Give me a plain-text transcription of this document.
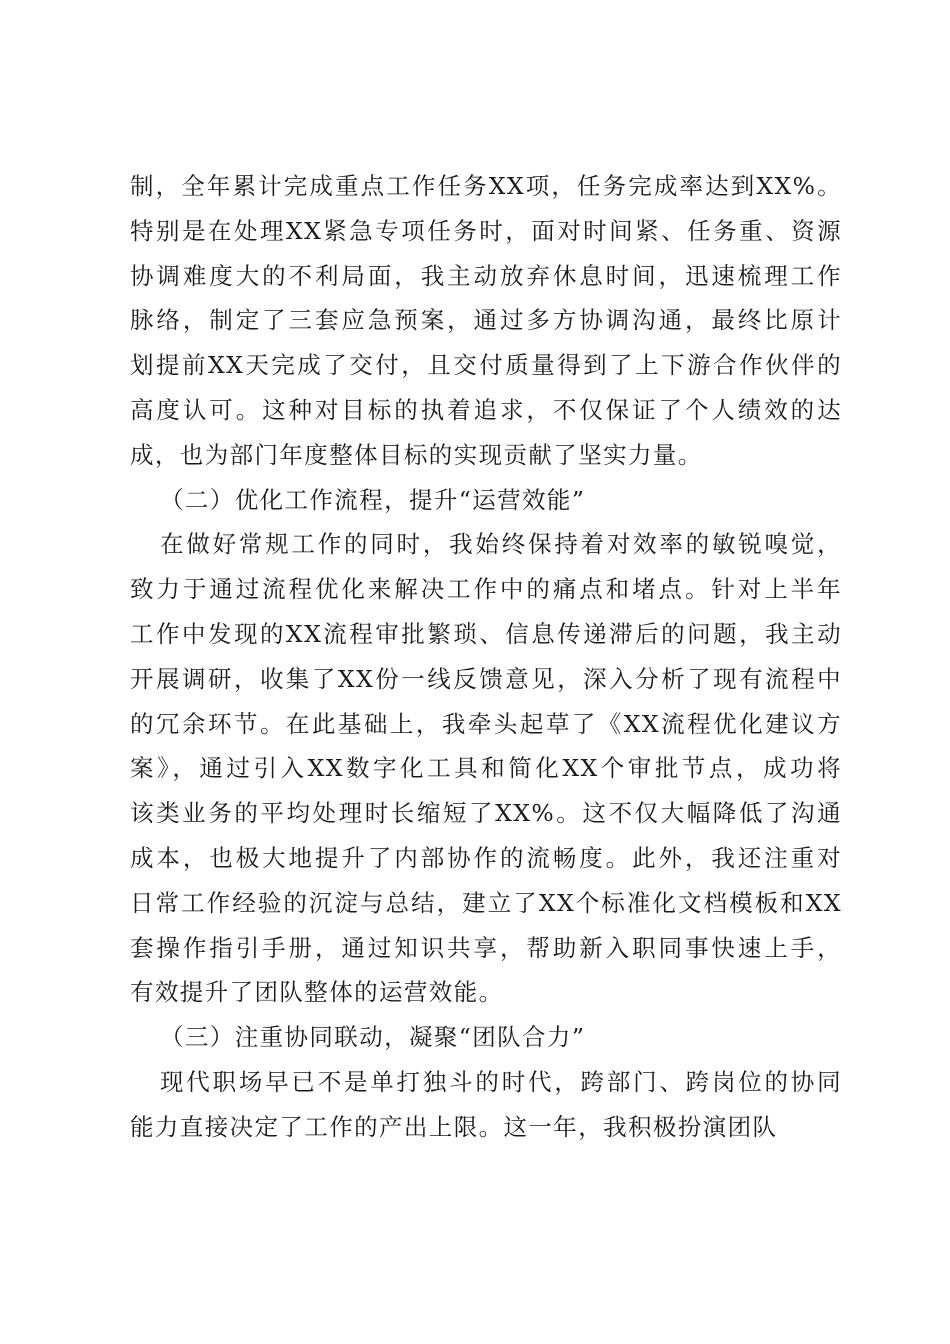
制，全年累计完成重点工作任务XX项，任务完成率达到XX%。
特别是在处理XX紧急专项任务时，面对时间紧、任务重、资源
协调难度大的不利局面，我主动放弃休息时间，迅速梳理工作
脉络，制定了三套应急预案，通过多方协调沟通，最终比原计
划提前XX天完成了交付，且交付质量得到了上下游合作伙伴的
高度认可。这种对目标的执着追求，不仅保证了个人绩效的达
成，也为部门年度整体目标的实现贡献了坚实力量。
（二）优化工作流程，提升“运营效能”
在做好常规工作的同时，我始终保持着对效率的敏锐嗅觉，
致力于通过流程优化来解决工作中的痛点和堵点。针对上半年
工作中发现的XX流程审批繁琐、信息传递滞后的问题，我主动
开展调研，收集了XX份一线反馈意见，深入分析了现有流程中
的冗余环节。在此基础上，我牵头起草了《XX流程优化建议方
案》，通过引入XX数字化工具和简化XX个审批节点，成功将
该类业务的平均处理时长缩短了XX%。这不仅大幅降低了沟通
成本，也极大地提升了内部协作的流畅度。此外，我还注重对
日常工作经验的沉淀与总结，建立了XX个标准化文档模板和XX
套操作指引手册，通过知识共享，帮助新入职同事快速上手，
有效提升了团队整体的运营效能。
（三）注重协同联动，凝聚“团队合力”
现代职场早已不是单打独斗的时代，跨部门、跨岗位的协同
能力直接决定了工作的产出上限。这一年，我积极扮演团队
